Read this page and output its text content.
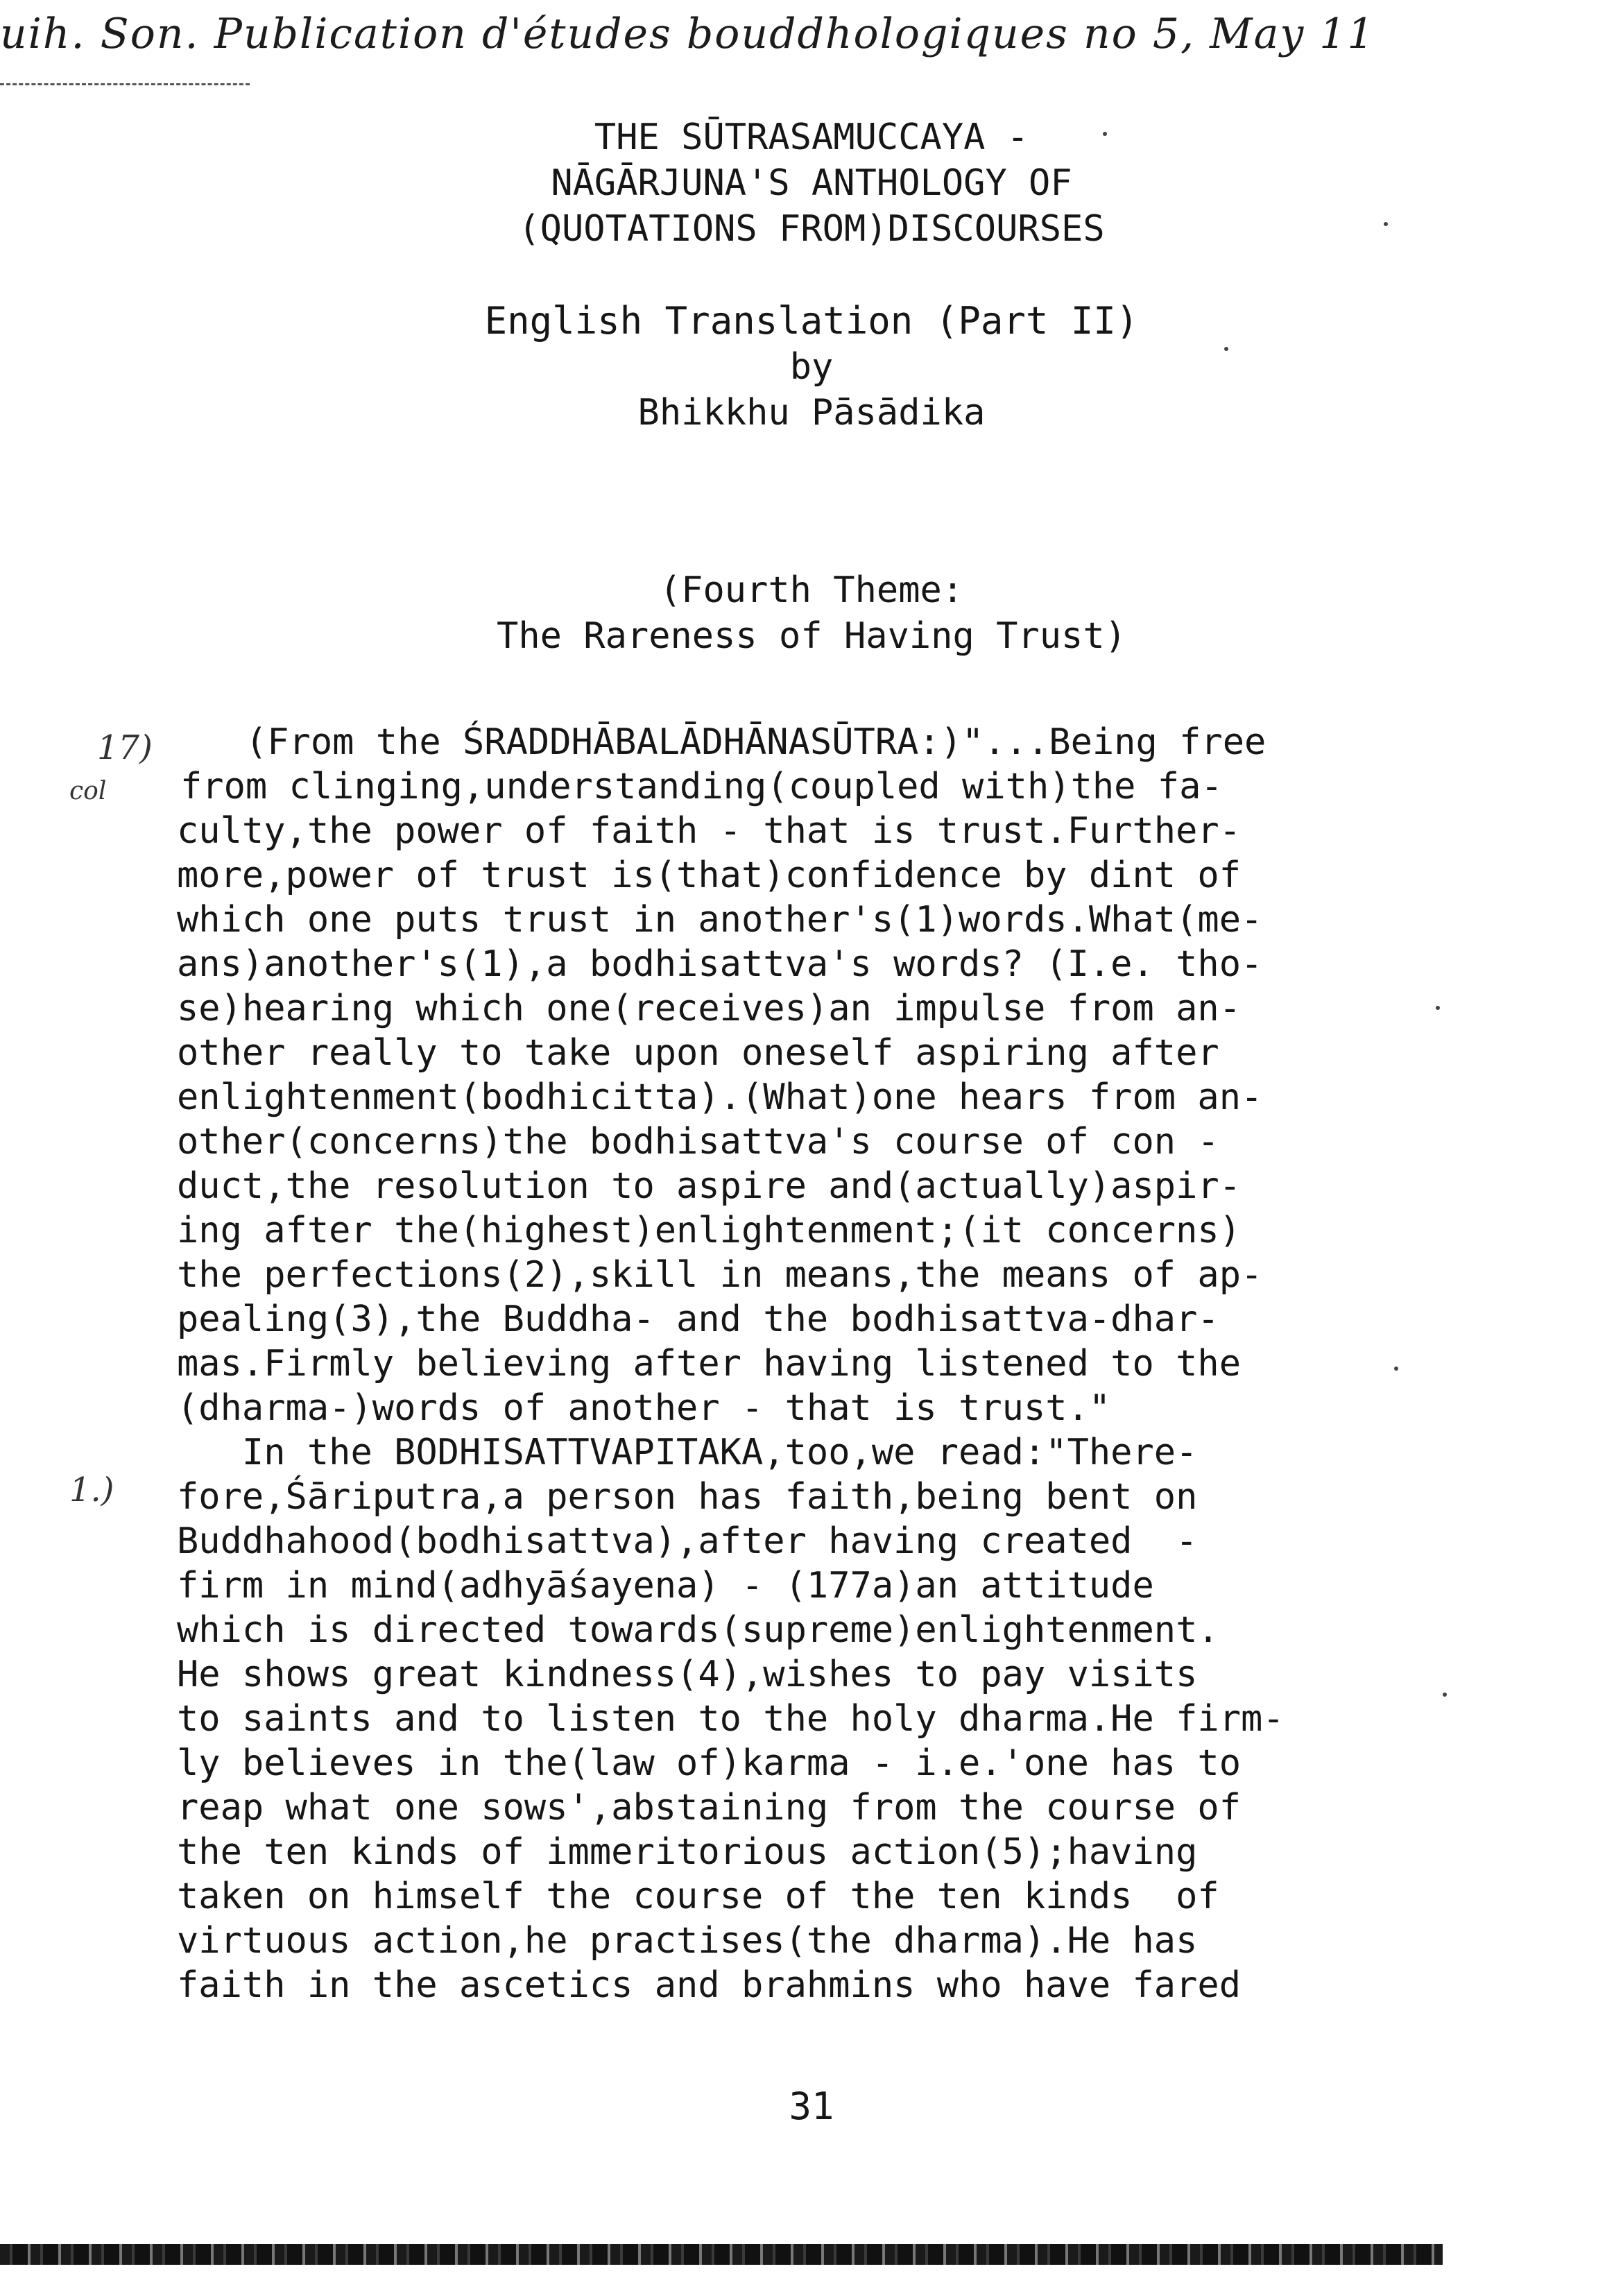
uih. Son. Publication d'études bouddhologiques no 5, May 11
THE SŪTRASAMUCCAYA -
NĀGĀRJUNA'S ANTHOLOGY OF
(QUOTATIONS FROM)DISCOURSES
English Translation (Part II)
by
Bhikkhu Pāsādika
(Fourth Theme:
The Rareness of Having Trust)
17)
col
1.)
(From the ŚRADDHĀBALĀDHĀNASŪTRA:)"...Being free
from clinging,understanding(coupled with)the fa-
culty,the power of faith - that is trust.Further-
more,power of trust is(that)confidence by dint of
which one puts trust in another's(1)words.What(me-
ans)another's(1),a bodhisattva's words? (I.e. tho-
se)hearing which one(receives)an impulse from an-
other really to take upon oneself aspiring after
enlightenment(bodhicitta).(What)one hears from an-
other(concerns)the bodhisattva's course of con -
duct,the resolution to aspire and(actually)aspir-
ing after the(highest)enlightenment;(it concerns)
the perfections(2),skill in means,the means of ap-
pealing(3),the Buddha- and the bodhisattva-dhar-
mas.Firmly believing after having listened to the
(dharma-)words of another - that is trust."
In the BODHISATTVAPITAKA,too,we read:"There-
fore,Śāriputra,a person has faith,being bent on
Buddhahood(bodhisattva),after having created  -
firm in mind(adhyāśayena) - (177a)an attitude
which is directed towards(supreme)enlightenment.
He shows great kindness(4),wishes to pay visits
to saints and to listen to the holy dharma.He firm-
ly believes in the(law of)karma - i.e.'one has to
reap what one sows',abstaining from the course of
the ten kinds of immeritorious action(5);having
taken on himself the course of the ten kinds  of
virtuous action,he practises(the dharma).He has
faith in the ascetics and brahmins who have fared
31
